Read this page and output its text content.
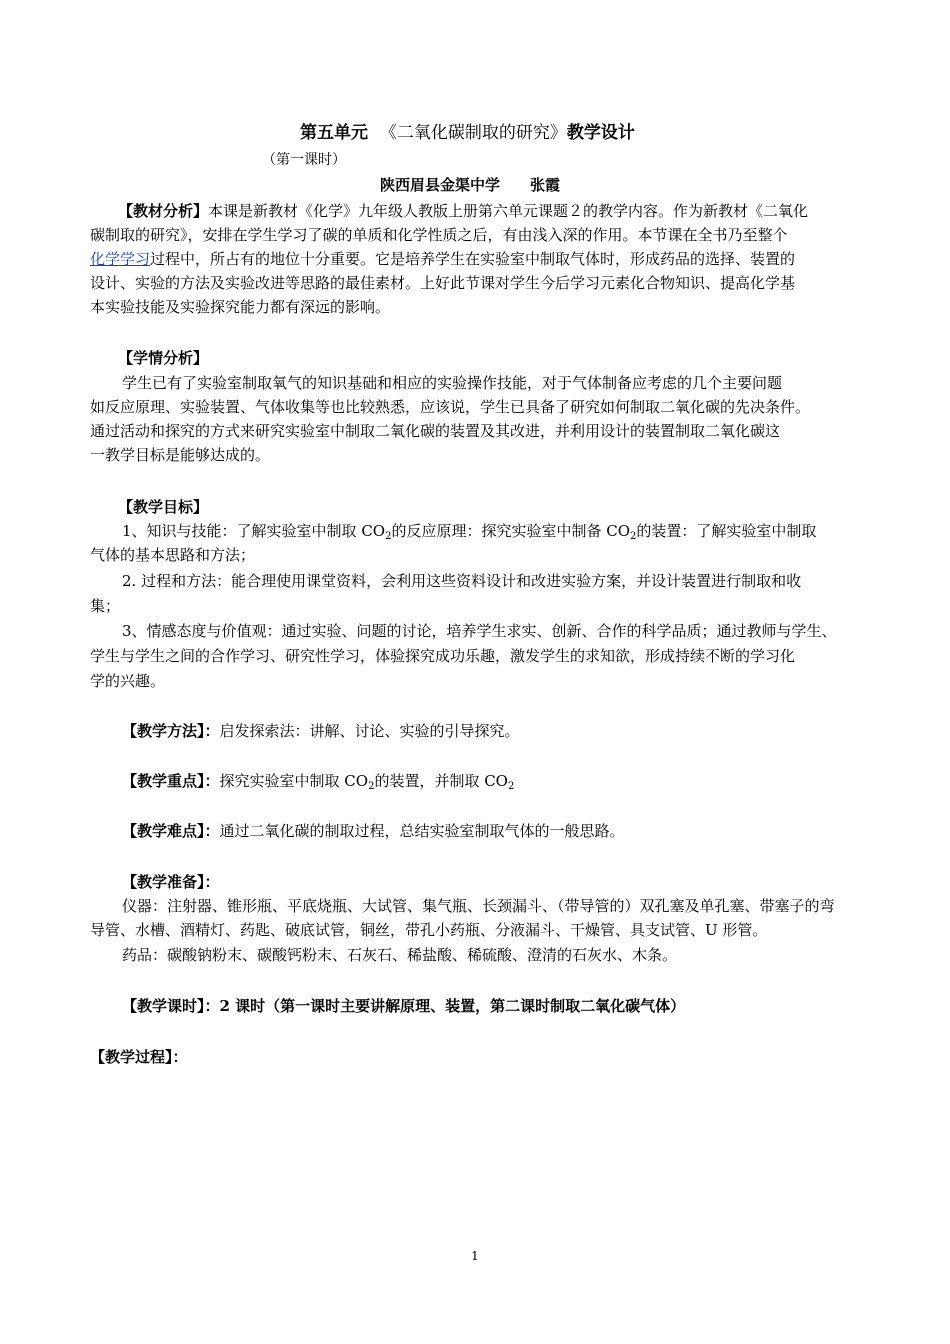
第五单元 《二氧化碳制取的研究》教学设计
（第一课时）
陕西眉县金渠中学　　张霞
【教材分析】本课是新教材《化学》九年级人教版上册第六单元课题２的教学内容。作为新教材《二氧化
碳制取的研究》，安排在学生学习了碳的单质和化学性质之后，有由浅入深的作用。本节课在全书乃至整个
化学学习过程中，所占有的地位十分重要。它是培养学生在实验室中制取气体时，形成药品的选择、装置的
设计、实验的方法及实验改进等思路的最佳素材。上好此节课对学生今后学习元素化合物知识、提高化学基
本实验技能及实验探究能力都有深远的影响。
【学情分析】
学生已有了实验室制取氧气的知识基础和相应的实验操作技能，对于气体制备应考虑的几个主要问题
如反应原理、实验装置、气体收集等也比较熟悉，应该说，学生已具备了研究如何制取二氧化碳的先决条件。
通过活动和探究的方式来研究实验室中制取二氧化碳的装置及其改进，并利用设计的装置制取二氧化碳这
一教学目标是能够达成的。
【教学目标】
1、知识与技能：了解实验室中制取 $CO_2$的反应原理：探究实验室中制备 $CO_2$的装置：了解实验室中制取
气体的基本思路和方法；
2. 过程和方法：能合理使用课堂资料，会利用这些资料设计和改进实验方案，并设计装置进行制取和收
集；
3、情感态度与价值观：通过实验、问题的讨论，培养学生求实、创新、合作的科学品质；通过教师与学生、
学生与学生之间的合作学习、研究性学习，体验探究成功乐趣，激发学生的求知欲，形成持续不断的学习化
学的兴趣。
【教学方法】：启发探索法：讲解、讨论、实验的引导探究。
【教学重点】：探究实验室中制取 $CO_2$的装置，并制取 $CO_2$
【教学难点】：通过二氧化碳的制取过程，总结实验室制取气体的一般思路。
【教学准备】：
仪器：注射器、锥形瓶、平底烧瓶、大试管、集气瓶、长颈漏斗、（带导管的）双孔塞及单孔塞、带塞子的弯
导管、水槽、酒精灯、药匙、破底试管，铜丝，带孔小药瓶、分液漏斗、干燥管、具支试管、U 形管。
药品：碳酸钠粉末、碳酸钙粉末、石灰石、稀盐酸、稀硫酸、澄清的石灰水、木条。
【教学课时】：2 课时（第一课时主要讲解原理、装置，第二课时制取二氧化碳气体）
【教学过程】：
1
